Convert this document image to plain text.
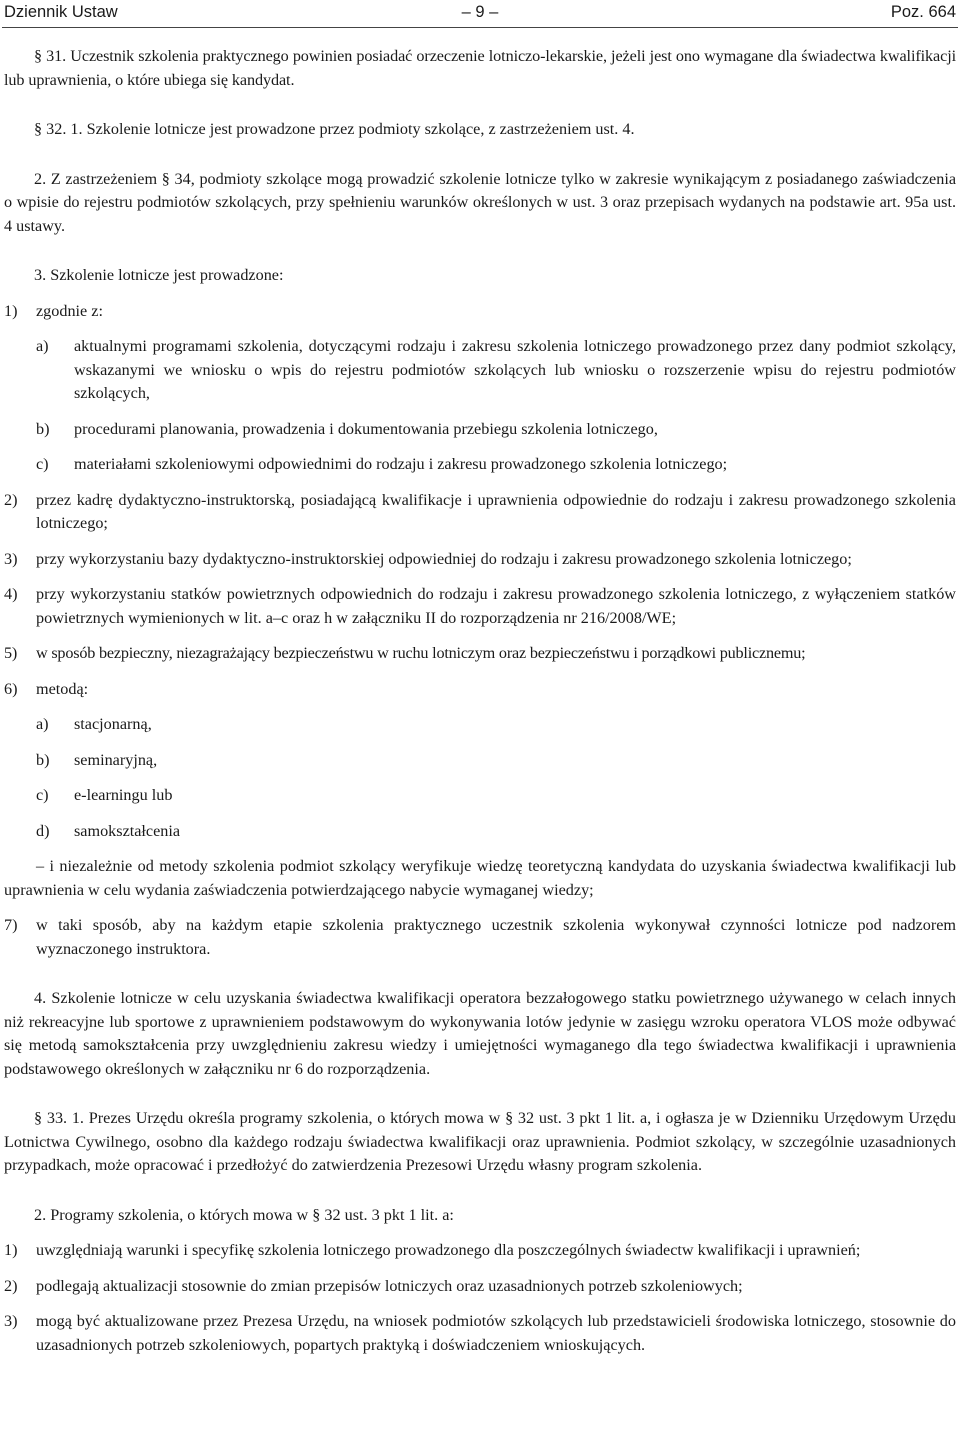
Dziennik Ustaw	– 9 –	Poz. 664

§ 31. Uczestnik szkolenia praktycznego powinien posiadać orzeczenie lotniczo-lekarskie, jeżeli jest ono wymagane dla świadectwa kwalifikacji lub uprawnienia, o które ubiega się kandydat.

§ 32. 1. Szkolenie lotnicze jest prowadzone przez podmioty szkolące, z zastrzeżeniem ust. 4.

2. Z zastrzeżeniem § 34, podmioty szkolące mogą prowadzić szkolenie lotnicze tylko w zakresie wynikającym z posiadanego zaświadczenia o wpisie do rejestru podmiotów szkolących, przy spełnieniu warunków określonych w ust. 3 oraz przepisach wydanych na podstawie art. 95a ust. 4 ustawy.

3. Szkolenie lotnicze jest prowadzone:

1) zgodnie z:
a) aktualnymi programami szkolenia, dotyczącymi rodzaju i zakresu szkolenia lotniczego prowadzonego przez dany podmiot szkolący, wskazanymi we wniosku o wpis do rejestru podmiotów szkolących lub wniosku o rozszerzenie wpisu do rejestru podmiotów szkolących,
b) procedurami planowania, prowadzenia i dokumentowania przebiegu szkolenia lotniczego,
c) materiałami szkoleniowymi odpowiednimi do rodzaju i zakresu prowadzonego szkolenia lotniczego;
2) przez kadrę dydaktyczno-instruktorską, posiadającą kwalifikacje i uprawnienia odpowiednie do rodzaju i zakresu prowadzonego szkolenia lotniczego;
3) przy wykorzystaniu bazy dydaktyczno-instruktorskiej odpowiedniej do rodzaju i zakresu prowadzonego szkolenia lotniczego;
4) przy wykorzystaniu statków powietrznych odpowiednich do rodzaju i zakresu prowadzonego szkolenia lotniczego, z wyłączeniem statków powietrznych wymienionych w lit. a–c oraz h w załączniku II do rozporządzenia nr 216/2008/WE;
5) w sposób bezpieczny, niezagrażający bezpieczeństwu w ruchu lotniczym oraz bezpieczeństwu i porządkowi publicznemu;
6) metodą:
a) stacjonarną,
b) seminaryjną,
c) e-learningu lub
d) samokształcenia

– i niezależnie od metody szkolenia podmiot szkolący weryfikuje wiedzę teoretyczną kandydata do uzyskania świadectwa kwalifikacji lub uprawnienia w celu wydania zaświadczenia potwierdzającego nabycie wymaganej wiedzy;

7) w taki sposób, aby na każdym etapie szkolenia praktycznego uczestnik szkolenia wykonywał czynności lotnicze pod nadzorem wyznaczonego instruktora.

4. Szkolenie lotnicze w celu uzyskania świadectwa kwalifikacji operatora bezzałogowego statku powietrznego używanego w celach innych niż rekreacyjne lub sportowe z uprawnieniem podstawowym do wykonywania lotów jedynie w zasięgu wzroku operatora VLOS może odbywać się metodą samokształcenia przy uwzględnieniu zakresu wiedzy i umiejętności wymaganego dla tego świadectwa kwalifikacji i uprawnienia podstawowego określonych w załączniku nr 6 do rozporządzenia.

§ 33. 1. Prezes Urzędu określa programy szkolenia, o których mowa w § 32 ust. 3 pkt 1 lit. a, i ogłasza je w Dzienniku Urzędowym Urzędu Lotnictwa Cywilnego, osobno dla każdego rodzaju świadectwa kwalifikacji oraz uprawnienia. Podmiot szkolący, w szczególnie uzasadnionych przypadkach, może opracować i przedłożyć do zatwierdzenia Prezesowi Urzędu własny program szkolenia.

2. Programy szkolenia, o których mowa w § 32 ust. 3 pkt 1 lit. a:

1) uwzględniają warunki i specyfikę szkolenia lotniczego prowadzonego dla poszczególnych świadectw kwalifikacji i uprawnień;
2) podlegają aktualizacji stosownie do zmian przepisów lotniczych oraz uzasadnionych potrzeb szkoleniowych;
3) mogą być aktualizowane przez Prezesa Urzędu, na wniosek podmiotów szkolących lub przedstawicieli środowiska lotniczego, stosownie do uzasadnionych potrzeb szkoleniowych, popartych praktyką i doświadczeniem wnioskujących.
